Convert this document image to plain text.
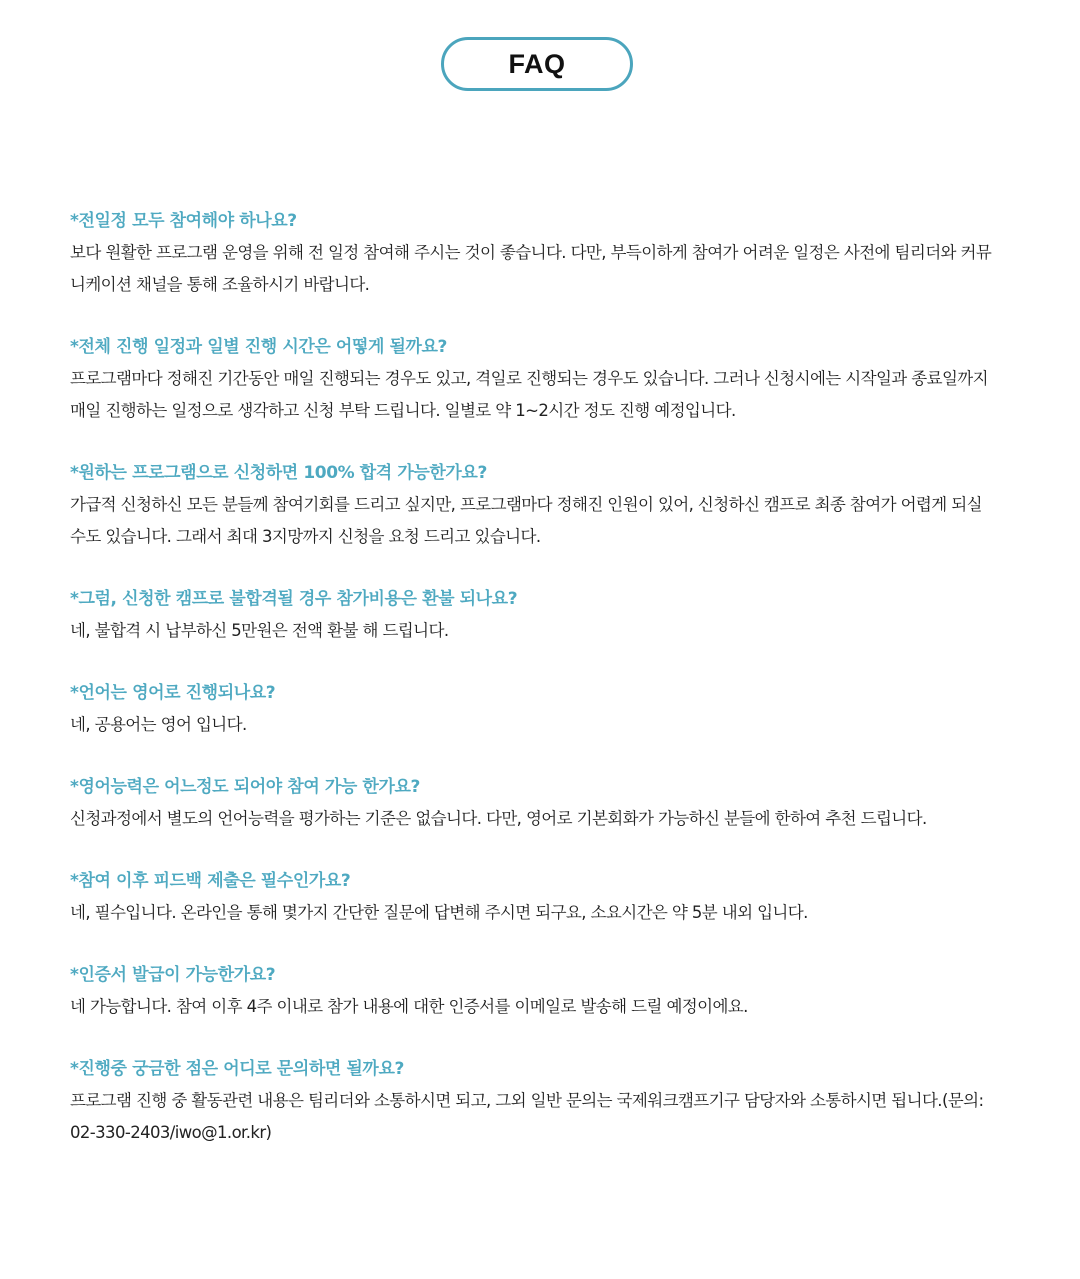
FAQ
*전일정 모두 참여해야 하나요?
보다 원활한 프로그램 운영을 위해 전 일정 참여해 주시는 것이 좋습니다. 다만, 부득이하게 참여가 어려운 일정은 사전에 팀리더와 커뮤니케이션 채널을 통해 조율하시기 바랍니다.
*전체 진행 일정과 일별 진행 시간은 어떻게 될까요?
프로그램마다 정해진 기간동안 매일 진행되는 경우도 있고, 격일로 진행되는 경우도 있습니다. 그러나 신청시에는 시작일과 종료일까지 매일 진행하는 일정으로 생각하고 신청 부탁 드립니다. 일별로 약 1~2시간 정도 진행 예정입니다.
*원하는 프로그램으로 신청하면 100% 합격 가능한가요?
가급적 신청하신 모든 분들께 참여기회를 드리고 싶지만, 프로그램마다 정해진 인원이 있어, 신청하신 캠프로 최종 참여가 어렵게 되실 수도 있습니다. 그래서 최대 3지망까지 신청을 요청 드리고 있습니다.
*그럼, 신청한 캠프로 불합격될 경우 참가비용은 환불 되나요?
네, 불합격 시 납부하신 5만원은 전액 환불 해 드립니다.
*언어는 영어로 진행되나요?
네, 공용어는 영어 입니다.
*영어능력은 어느정도 되어야 참여 가능 한가요?
신청과정에서 별도의 언어능력을 평가하는 기준은 없습니다. 다만, 영어로 기본회화가 가능하신 분들에 한하여 추천 드립니다.
*참여 이후 피드백 제출은 필수인가요?
네, 필수입니다. 온라인을 통해 몇가지 간단한 질문에 답변해 주시면 되구요, 소요시간은 약 5분 내외 입니다.
*인증서 발급이 가능한가요?
네 가능합니다. 참여 이후 4주 이내로 참가 내용에 대한 인증서를 이메일로 발송해 드릴 예정이에요.
*진행중 궁금한 점은 어디로 문의하면 될까요?
프로그램 진행 중 활동관련 내용은 팀리더와 소통하시면 되고, 그외 일반 문의는 국제워크캠프기구 담당자와 소통하시면 됩니다.(문의: 02-330-2403/iwo@1.or.kr)
